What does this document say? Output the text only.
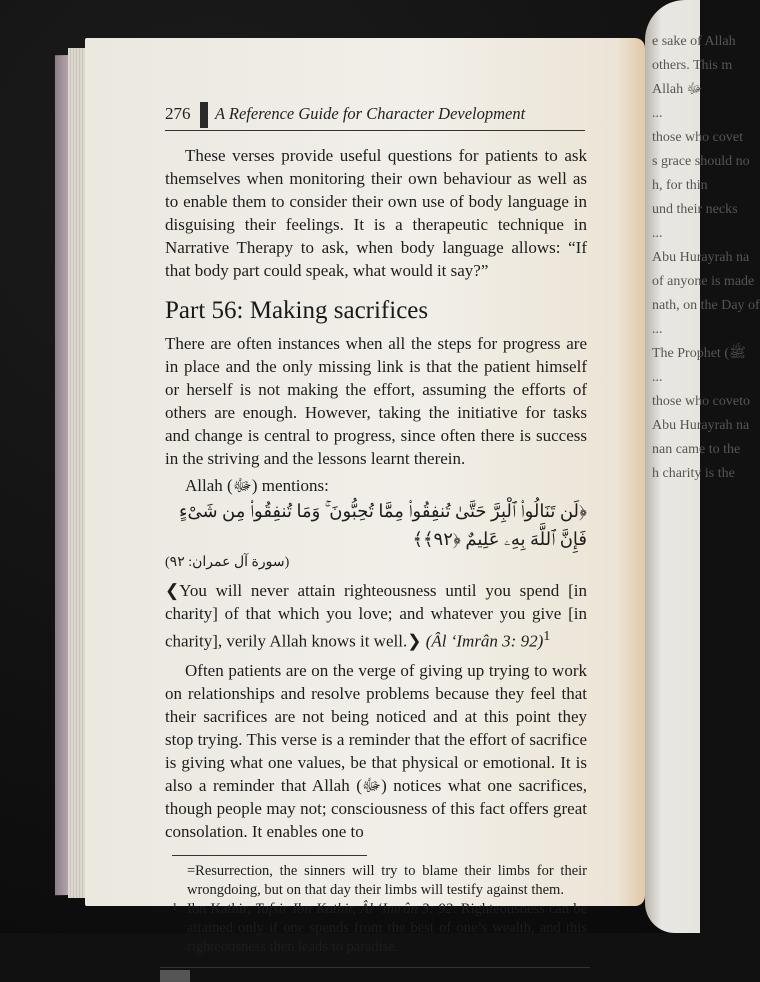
e sake of Allah
others. This m
Allah ﷻ
...
those who covet
s grace should no
h, for thin
und their necks
...
Abu Hurayrah na
of anyone is made
nath, on the Day of
...
The Prophet (ﷺ
...
those who coveto
Abu Hurayrah na
nan came to the
h charity is the
276 A Reference Guide for Character Development

These verses provide useful questions for patients to ask themselves when monitoring their own behaviour as well as to enable them to consider their own use of body language in disguising their feelings. It is a therapeutic technique in Narrative Therapy to ask, when body language allows: “If that body part could speak, what would it say?”

Part 56: Making sacrifices

There are often instances when all the steps for progress are in place and the only missing link is that the patient himself or herself is not making the effort, assuming the efforts of others are enough. However, taking the initiative for tasks and change is central to progress, since often there is success in the striving and the lessons learnt therein.

Allah (ﷻ) mentions:

﴿لَن تَنَالُوا۟ ٱلْبِرَّ حَتَّىٰ تُنفِقُوا۟ مِمَّا تُحِبُّونَ ۚ وَمَا تُنفِقُوا۟ مِن شَىْءٍ فَإِنَّ ٱللَّهَ بِهِۦ عَلِيمٌ ﴿٩٢﴾﴾

(سورة آل عمران: ٩٢)

❮You will never attain righteousness until you spend [in charity] of that which you love; and whatever you give [in charity], verily Allah knows it well.❯ (Âl ‘Imrân 3: 92)$^1$

Often patients are on the verge of giving up trying to work on relationships and resolve problems because they feel that their sacrifices are not being noticed and at this point they stop trying. This verse is a reminder that the effort of sacrifice is giving what one values, be that physical or emotional. It is also a reminder that Allah (ﷻ) notices what one sacrifices, though people may not; consciousness of this fact offers great consolation. It enables one to

=Resurrection, the sinners will try to blame their limbs for their wrongdoing, but on that day their limbs will testify against them.

1 Ibn Kathir, Tafsir Ibn Kathir, Âl ‘Imrân 3: 92: Righteousness can be attained only if one spends from the best of one’s wealth, and this righteousness then leads to paradise.
